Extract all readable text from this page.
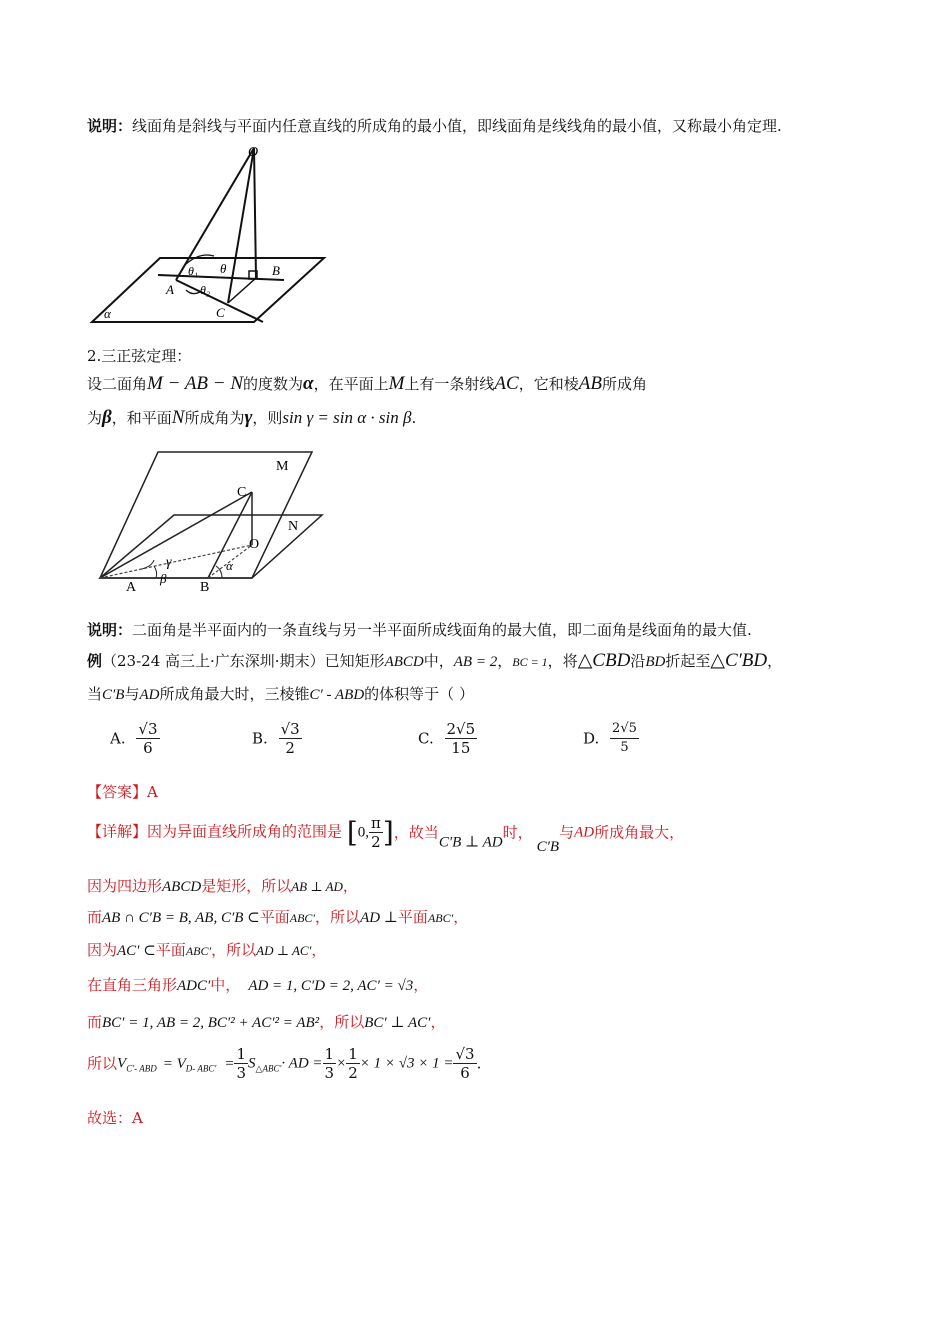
说明：线面角是斜线与平面内任意直线的所成角的最小值，即线面角是线线角的最小值，又称最小角定理.
O
θ₁ θ	B
A θ₂
C
α
2.三正弦定理：
设二面角M − AB − N的度数为α，在平面上M上有一条射线AC，它和棱AB所成角
为β，和平面N所成角为γ，则sin γ = sin α · sin β.
M
C
N
O
γ	α
A
β
B
说明：二面角是半平面内的一条直线与另一半平面所成线面角的最大值，即二面角是线面角的最大值.
例（23-24 高三上·广东深圳·期末）已知矩形ABCD中，AB = 2，BC = 1，将△CBD沿BD折起至△C′BD，
当C′B与AD所成角最大时，三棱锥C′ - ABD的体积等于（ ）
A. $\frac{√3}{6}$	B. $\frac{√3}{2}$	C. $\frac{2√5}{15}$	D. $\frac{2√5}{5}$
【答案】A
【详解】因为异面直线所成角的范围是 [0, $\frac{\pi}{2}$ ]，故当C′B ⊥ AD时，C′B与AD所成角最大，
因为四边形ABCD是矩形，所以AB ⊥ AD，
而AB ∩ C′B = B, AB, C′B ⊂平面ABC′，所以AD ⊥平面ABC′，
因为AC′ ⊂平面ABC′，所以AD ⊥ AC′，
在直角三角形ADC′中， AD = 1, C′D = 2, AC′ = √3，
而BC′ = 1, AB = 2, BC′² + AC′² = AB²，所以BC′ ⊥ AC′，
所以$V_{C'- ABD} = V_{D- ABC'} = \frac{1}{3} S_{\triangle ABC'}\cdot$ AD = $\frac{1}{3} \times \frac{1}{2} \times 1 \times √3 \times 1 = \frac{√3}{6}$ .
故选：A
